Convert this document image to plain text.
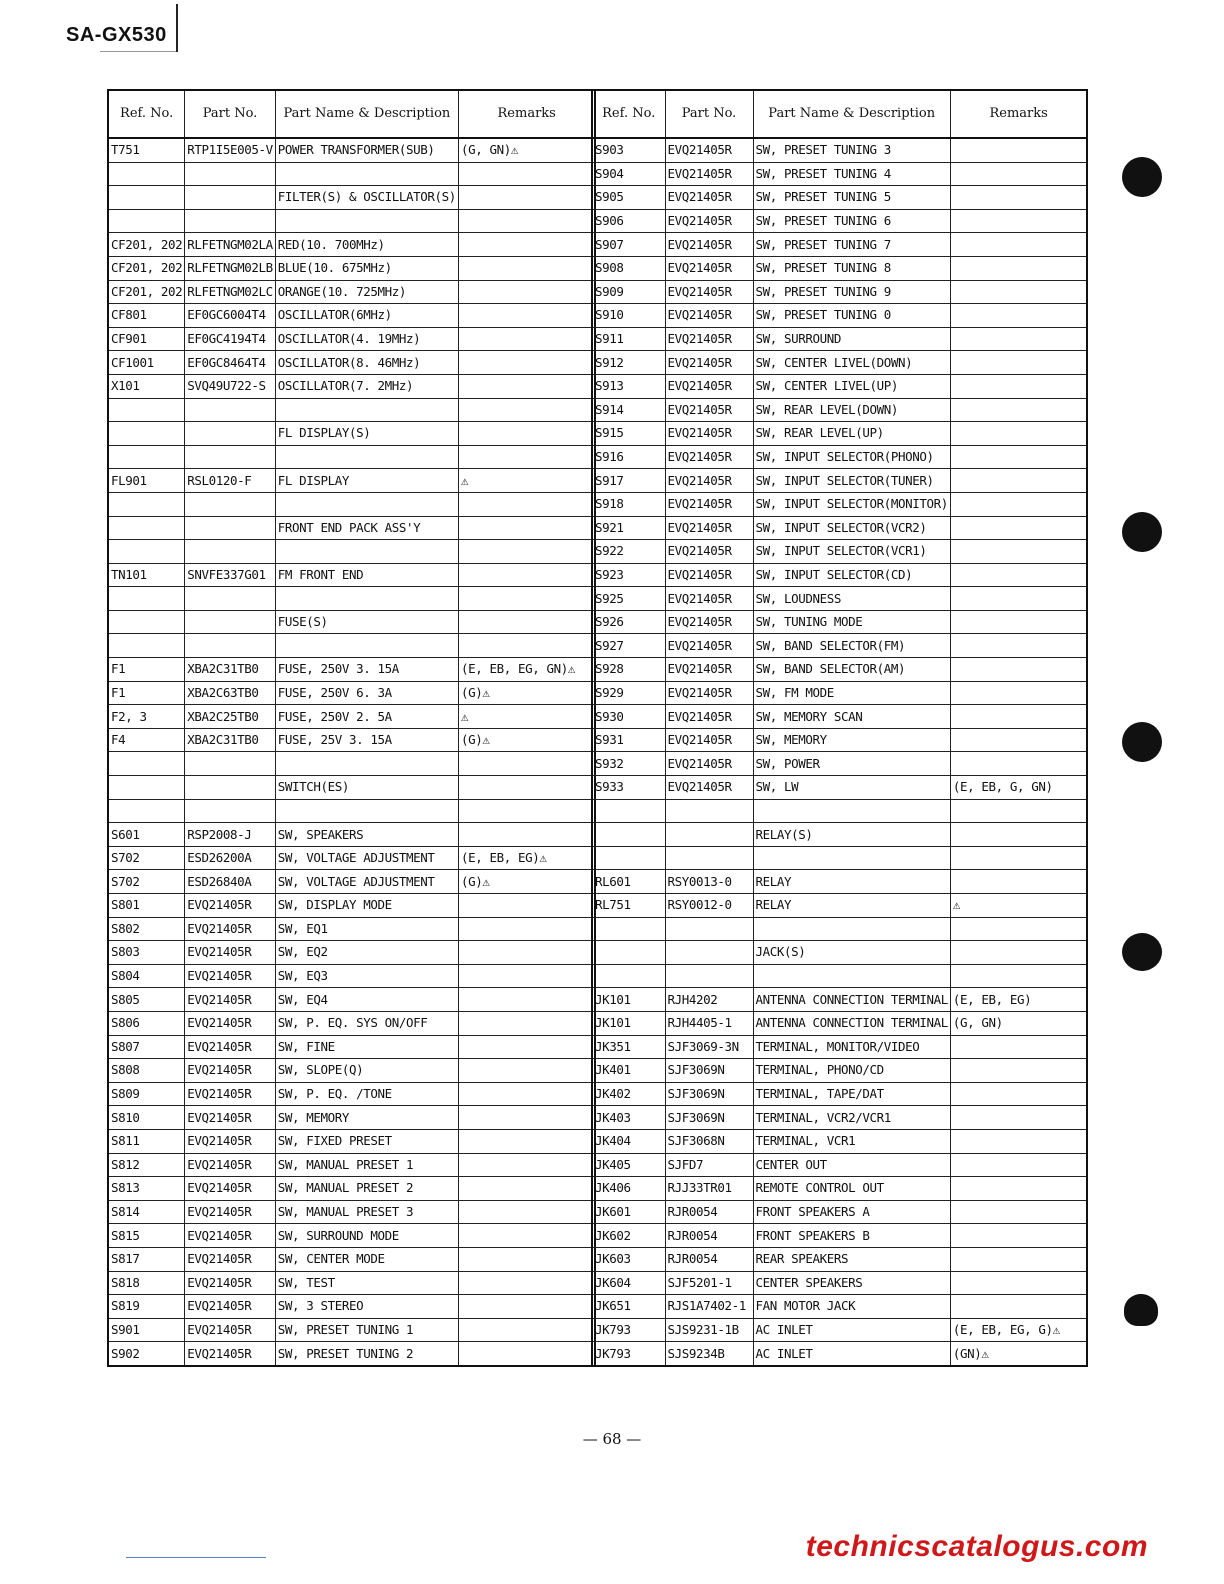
SA-GX530
Ref. No.	Part No.	Part Name & Description	Remarks
T751	RTP1I5E005-V	POWER TRANSFORMER(SUB)	(G, GN)⚠

		FILTER(S) & OSCILLATOR(S)	

CF201, 202	RLFETNGM02LA	RED(10. 700MHz)	
CF201, 202	RLFETNGM02LB	BLUE(10. 675MHz)	
CF201, 202	RLFETNGM02LC	ORANGE(10. 725MHz)	
CF801	EF0GC6004T4	OSCILLATOR(6MHz)	
CF901	EF0GC4194T4	OSCILLATOR(4. 19MHz)	
CF1001	EF0GC8464T4	OSCILLATOR(8. 46MHz)	
X101	SVQ49U722-S	OSCILLATOR(7. 2MHz)	

		FL DISPLAY(S)	

FL901	RSL0120-F	FL DISPLAY	⚠

		FRONT END PACK ASS'Y	

TN101	SNVFE337G01	FM FRONT END	

		FUSE(S)	

F1	XBA2C31TB0	FUSE, 250V 3. 15A	(E, EB, EG, GN)⚠
F1	XBA2C63TB0	FUSE, 250V 6. 3A	(G)⚠
F2, 3	XBA2C25TB0	FUSE, 250V 2. 5A	⚠
F4	XBA2C31TB0	FUSE, 25V 3. 15A	(G)⚠

		SWITCH(ES)	

S601	RSP2008-J	SW, SPEAKERS	
S702	ESD26200A	SW, VOLTAGE ADJUSTMENT	(E, EB, EG)⚠
S702	ESD26840A	SW, VOLTAGE ADJUSTMENT	(G)⚠
S801	EVQ21405R	SW, DISPLAY MODE	
S802	EVQ21405R	SW, EQ1	
S803	EVQ21405R	SW, EQ2	
S804	EVQ21405R	SW, EQ3	
S805	EVQ21405R	SW, EQ4	
S806	EVQ21405R	SW, P. EQ. SYS ON/OFF	
S807	EVQ21405R	SW, FINE	
S808	EVQ21405R	SW, SLOPE(Q)	
S809	EVQ21405R	SW, P. EQ. /TONE	
S810	EVQ21405R	SW, MEMORY	
S811	EVQ21405R	SW, FIXED PRESET	
S812	EVQ21405R	SW, MANUAL PRESET 1	
S813	EVQ21405R	SW, MANUAL PRESET 2	
S814	EVQ21405R	SW, MANUAL PRESET 3	
S815	EVQ21405R	SW, SURROUND MODE	
S817	EVQ21405R	SW, CENTER MODE	
S818	EVQ21405R	SW, TEST	
S819	EVQ21405R	SW, 3 STEREO	
S901	EVQ21405R	SW, PRESET TUNING 1	
S902	EVQ21405R	SW, PRESET TUNING 2	
Ref. No.	Part No.	Part Name & Description	Remarks
S903	EVQ21405R	SW, PRESET TUNING 3	
S904	EVQ21405R	SW, PRESET TUNING 4	
S905	EVQ21405R	SW, PRESET TUNING 5	
S906	EVQ21405R	SW, PRESET TUNING 6	
S907	EVQ21405R	SW, PRESET TUNING 7	
S908	EVQ21405R	SW, PRESET TUNING 8	
S909	EVQ21405R	SW, PRESET TUNING 9	
S910	EVQ21405R	SW, PRESET TUNING 0	
S911	EVQ21405R	SW, SURROUND	
S912	EVQ21405R	SW, CENTER LIVEL(DOWN)	
S913	EVQ21405R	SW, CENTER LIVEL(UP)	
S914	EVQ21405R	SW, REAR LEVEL(DOWN)	
S915	EVQ21405R	SW, REAR LEVEL(UP)	
S916	EVQ21405R	SW, INPUT SELECTOR(PHONO)	
S917	EVQ21405R	SW, INPUT SELECTOR(TUNER)	
S918	EVQ21405R	SW, INPUT SELECTOR(MONITOR)	
S921	EVQ21405R	SW, INPUT SELECTOR(VCR2)	
S922	EVQ21405R	SW, INPUT SELECTOR(VCR1)	
S923	EVQ21405R	SW, INPUT SELECTOR(CD)	
S925	EVQ21405R	SW, LOUDNESS	
S926	EVQ21405R	SW, TUNING MODE	
S927	EVQ21405R	SW, BAND SELECTOR(FM)	
S928	EVQ21405R	SW, BAND SELECTOR(AM)	
S929	EVQ21405R	SW, FM MODE	
S930	EVQ21405R	SW, MEMORY SCAN	
S931	EVQ21405R	SW, MEMORY	
S932	EVQ21405R	SW, POWER	
S933	EVQ21405R	SW, LW	(E, EB, G, GN)

		RELAY(S)	

RL601	RSY0013-0	RELAY	
RL751	RSY0012-0	RELAY	⚠

		JACK(S)	

JK101	RJH4202	ANTENNA CONNECTION TERMINAL	(E, EB, EG)
JK101	RJH4405-1	ANTENNA CONNECTION TERMINAL	(G, GN)
JK351	SJF3069-3N	TERMINAL, MONITOR/VIDEO	
JK401	SJF3069N	TERMINAL, PHONO/CD	
JK402	SJF3069N	TERMINAL, TAPE/DAT	
JK403	SJF3069N	TERMINAL, VCR2/VCR1	
JK404	SJF3068N	TERMINAL, VCR1	
JK405	SJFD7	CENTER OUT	
JK406	RJJ33TR01	REMOTE CONTROL OUT	
JK601	RJR0054	FRONT SPEAKERS A	
JK602	RJR0054	FRONT SPEAKERS B	
JK603	RJR0054	REAR SPEAKERS	
JK604	SJF5201-1	CENTER SPEAKERS	
JK651	RJS1A7402-1	FAN MOTOR JACK	
JK793	SJS9231-1B	AC INLET	(E, EB, EG, G)⚠
JK793	SJS9234B	AC INLET	(GN)⚠
— 68 —
technicscatalogus.com
